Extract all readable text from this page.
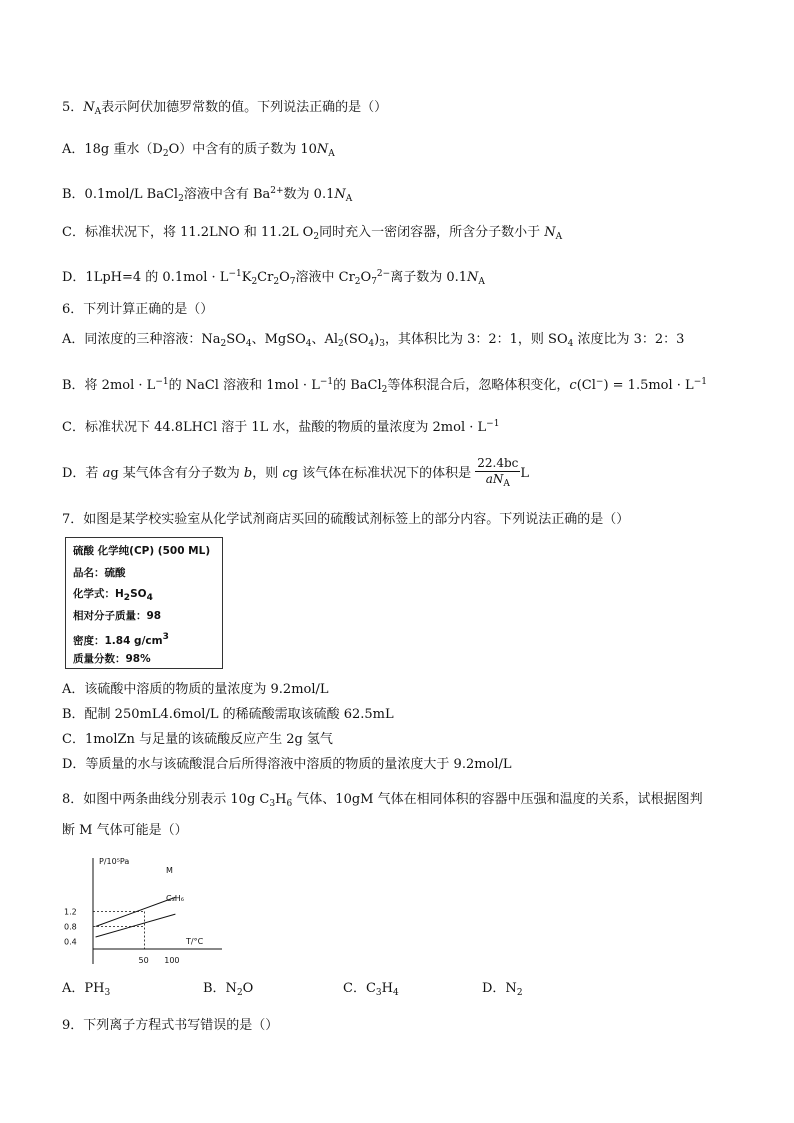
5．$N_A$表示阿伏加德罗常数的值。下列说法正确的是（）
A．18g 重水$(D_2O)$中含有的质子数为 $10N_A$
B．0.1mol/L BaCl$_2$溶液中含有 $Ba^{2+}$数为 $0.1N_A$
C．标准状况下，将 11.2LNO 和 11.2L $O_2$同时充入一密闭容器，所含分子数小于 $N_A$
D．1LpH=4 的 $0.1mol \cdot L^{-1}K_2Cr_2O_7$溶液中 $Cr_2O_7^{2-}$离子数为 $0.1N_A$
6．下列计算正确的是（）
A．同浓度的三种溶液：$Na_2SO_4$、MgSO$_4$、$Al_2(SO_4)_3$，其体积比为 3：2：1，则 $SO_4$ 浓度比为 3：2：3
B．将 $2mol \cdot L^{-1}$的 NaCl 溶液和 $1mol \cdot L^{-1}$的 BaCl$_2$等体积混合后，忽略体积变化，$c(Cl^-) = 1.5mol \cdot L^{-1}$
C．标准状况下 44.8LHCl 溶于 1L 水，盐酸的物质的量浓度为 $2mol \cdot L^{-1}$
D．若 ag 某气体含有分子数为 b，则 cg 该气体在标准状况下的体积是 $\frac{22.4bc}{aN_A}$ L
7．如图是某学校实验室从化学试剂商店买回的硫酸试剂标签上的部分内容。下列说法正确的是（）
硫酸 化学纯(CP) (500 ML)
品名：硫酸
化学式：H2SO4
相对分子质量：98
密度：1.84 g/cm3
质量分数：98%
A．该硫酸中溶质的物质的量浓度为 9.2mol/L
B．配制 250mL4.6mol/L 的稀硫酸需取该硫酸 62.5mL
C．1molZn 与足量的该硫酸反应产生 2g 氢气
D．等质量的水与该硫酸混合后所得溶液中溶质的物质的量浓度大于 9.2mol/L
8．如图中两条曲线分别表示 10g $C_3H_6$ 气体、10gM 气体在相同体积的容器中压强和温度的关系，试根据图判
断 M 气体可能是（）
P/10⁵Pa
T/°C
0.4
0.8
1.2
50 100
M
C₃H₆
A．$PH_3$	B．$N_2O$	C．$C_3H_4$	D．$N_2$
9．下列离子方程式书写错误的是（）
